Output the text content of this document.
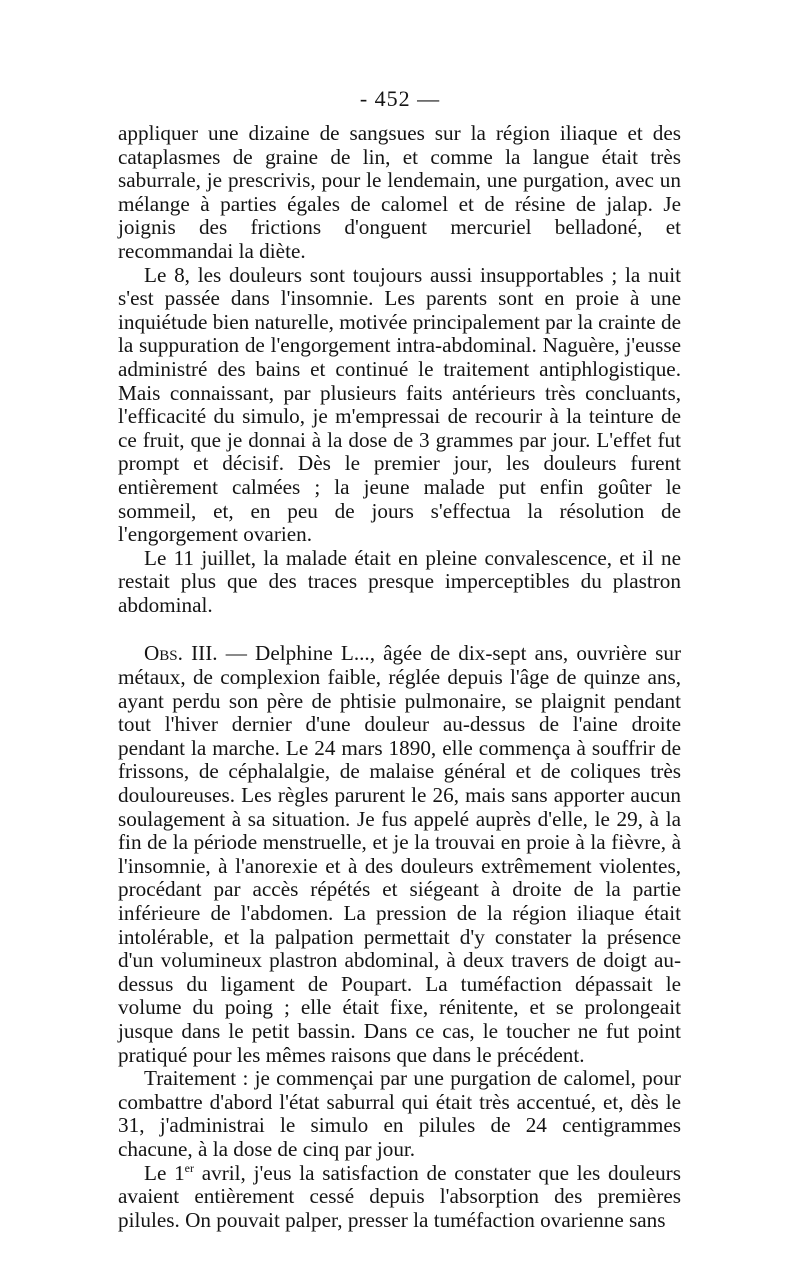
- 452 —

appliquer une dizaine de sangsues sur la région iliaque et des cataplasmes de graine de lin, et comme la langue était très saburrale, je prescrivis, pour le lendemain, une purgation, avec un mélange à parties égales de calomel et de résine de jalap. Je joignis des frictions d'onguent mercuriel belladoné, et recommandai la diète.

Le 8, les douleurs sont toujours aussi insupportables ; la nuit s'est passée dans l'insomnie. Les parents sont en proie à une inquiétude bien naturelle, motivée principalement par la crainte de la suppuration de l'engorgement intra-abdominal. Naguère, j'eusse administré des bains et continué le traitement antiphlogistique. Mais connaissant, par plusieurs faits antérieurs très concluants, l'efficacité du simulo, je m'empressai de recourir à la teinture de ce fruit, que je donnai à la dose de 3 grammes par jour. L'effet fut prompt et décisif. Dès le premier jour, les douleurs furent entièrement calmées ; la jeune malade put enfin goûter le sommeil, et, en peu de jours s'effectua la résolution de l'engorgement ovarien.

Le 11 juillet, la malade était en pleine convalescence, et il ne restait plus que des traces presque imperceptibles du plastron abdominal.

Obs. III. — Delphine L..., âgée de dix-sept ans, ouvrière sur métaux, de complexion faible, réglée depuis l'âge de quinze ans, ayant perdu son père de phtisie pulmonaire, se plaignit pendant tout l'hiver dernier d'une douleur au-dessus de l'aine droite pendant la marche. Le 24 mars 1890, elle commença à souffrir de frissons, de céphalalgie, de malaise général et de coliques très douloureuses. Les règles parurent le 26, mais sans apporter aucun soulagement à sa situation. Je fus appelé auprès d'elle, le 29, à la fin de la période menstruelle, et je la trouvai en proie à la fièvre, à l'insomnie, à l'anorexie et à des douleurs extrêmement violentes, procédant par accès répétés et siégeant à droite de la partie inférieure de l'abdomen. La pression de la région iliaque était intolérable, et la palpation permettait d'y constater la présence d'un volumineux plastron abdominal, à deux travers de doigt au-dessus du ligament de Poupart. La tuméfaction dépassait le volume du poing ; elle était fixe, rénitente, et se prolongeait jusque dans le petit bassin. Dans ce cas, le toucher ne fut point pratiqué pour les mêmes raisons que dans le précédent.

Traitement : je commençai par une purgation de calomel, pour combattre d'abord l'état saburral qui était très accentué, et, dès le 31, j'administrai le simulo en pilules de 24 centigrammes chacune, à la dose de cinq par jour.

Le 1er avril, j'eus la satisfaction de constater que les douleurs avaient entièrement cessé depuis l'absorption des premières pilules. On pouvait palper, presser la tuméfaction ovarienne sans
